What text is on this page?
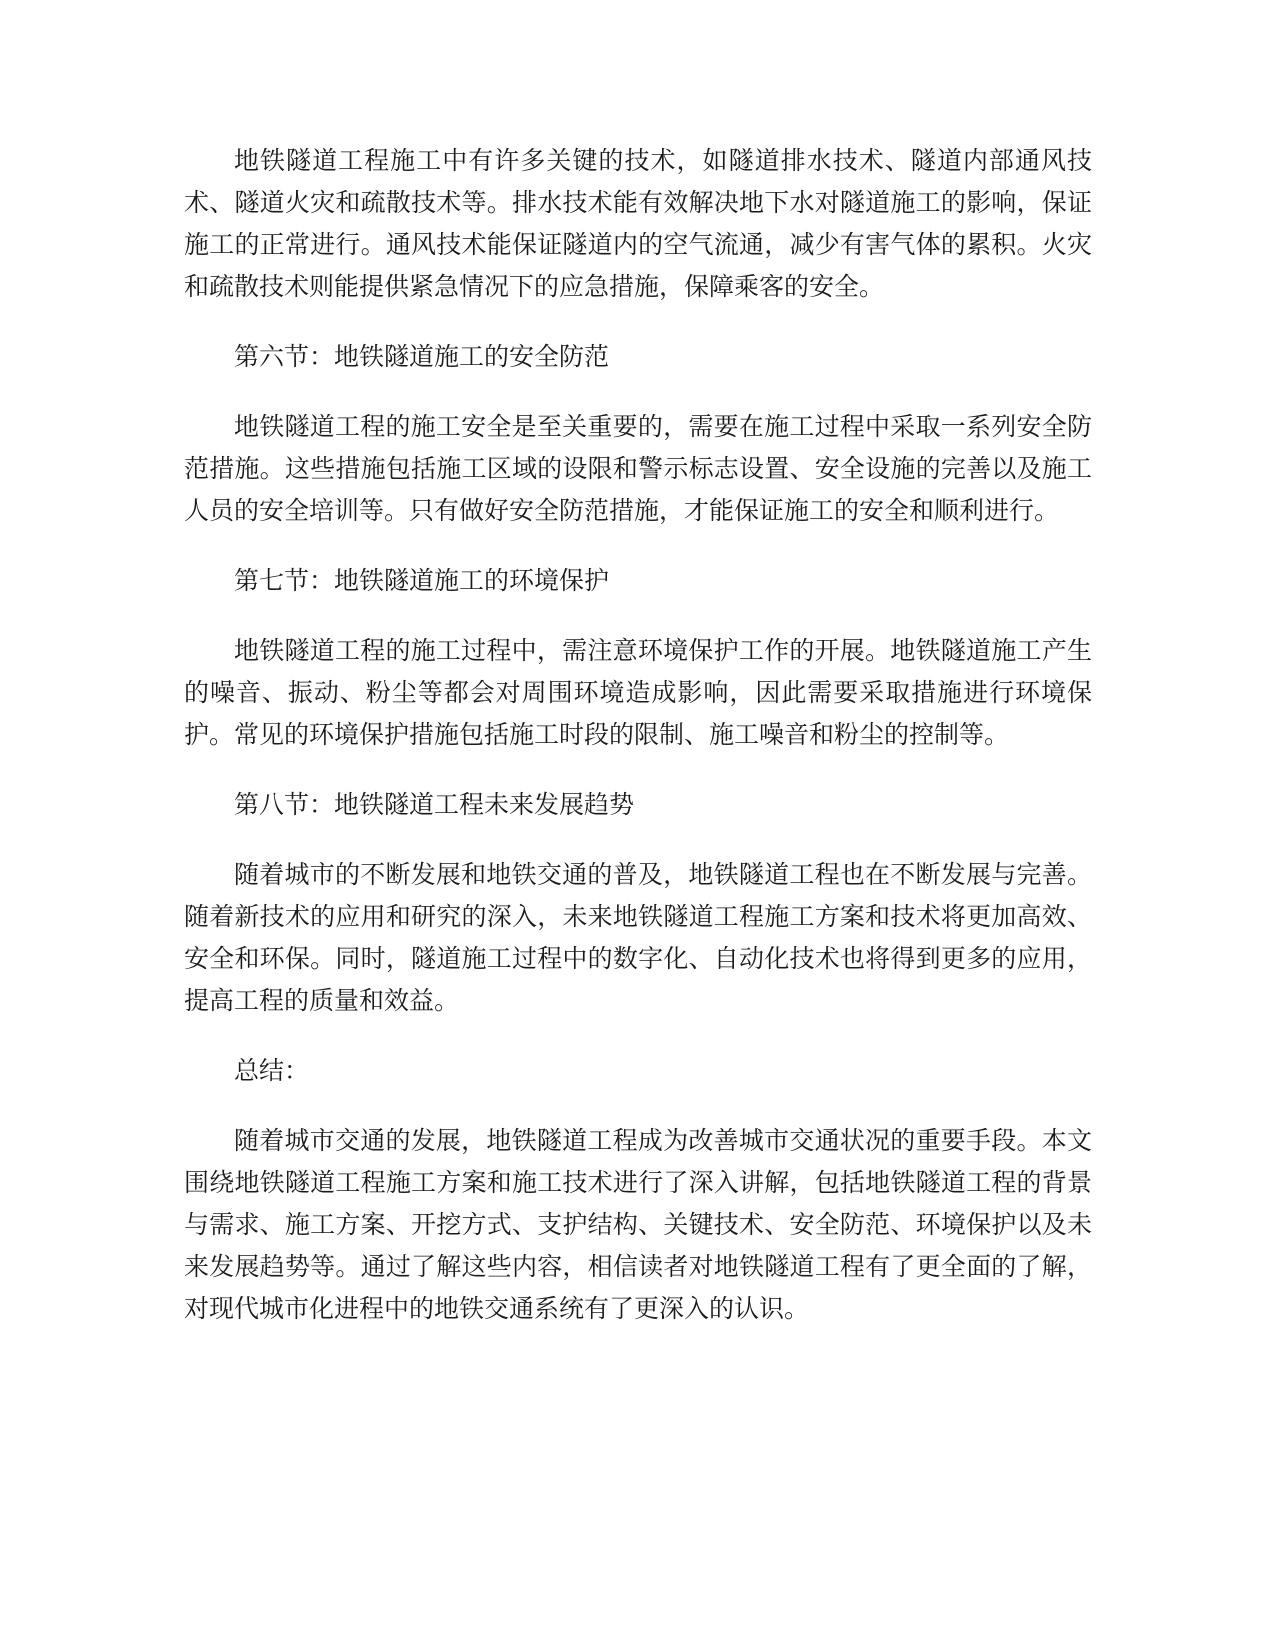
地铁隧道工程施工中有许多关键的技术，如隧道排水技术、隧道内部通风技术、隧道火灾和疏散技术等。排水技术能有效解决地下水对隧道施工的影响，保证施工的正常进行。通风技术能保证隧道内的空气流通，减少有害气体的累积。火灾和疏散技术则能提供紧急情况下的应急措施，保障乘客的安全。

第六节：地铁隧道施工的安全防范

地铁隧道工程的施工安全是至关重要的，需要在施工过程中采取一系列安全防范措施。这些措施包括施工区域的设限和警示标志设置、安全设施的完善以及施工人员的安全培训等。只有做好安全防范措施，才能保证施工的安全和顺利进行。

第七节：地铁隧道施工的环境保护

地铁隧道工程的施工过程中，需注意环境保护工作的开展。地铁隧道施工产生的噪音、振动、粉尘等都会对周围环境造成影响，因此需要采取措施进行环境保护。常见的环境保护措施包括施工时段的限制、施工噪音和粉尘的控制等。

第八节：地铁隧道工程未来发展趋势

随着城市的不断发展和地铁交通的普及，地铁隧道工程也在不断发展与完善。随着新技术的应用和研究的深入，未来地铁隧道工程施工方案和技术将更加高效、安全和环保。同时，隧道施工过程中的数字化、自动化技术也将得到更多的应用，提高工程的质量和效益。

总结：

随着城市交通的发展，地铁隧道工程成为改善城市交通状况的重要手段。本文围绕地铁隧道工程施工方案和施工技术进行了深入讲解，包括地铁隧道工程的背景与需求、施工方案、开挖方式、支护结构、关键技术、安全防范、环境保护以及未来发展趋势等。通过了解这些内容，相信读者对地铁隧道工程有了更全面的了解，对现代城市化进程中的地铁交通系统有了更深入的认识。
